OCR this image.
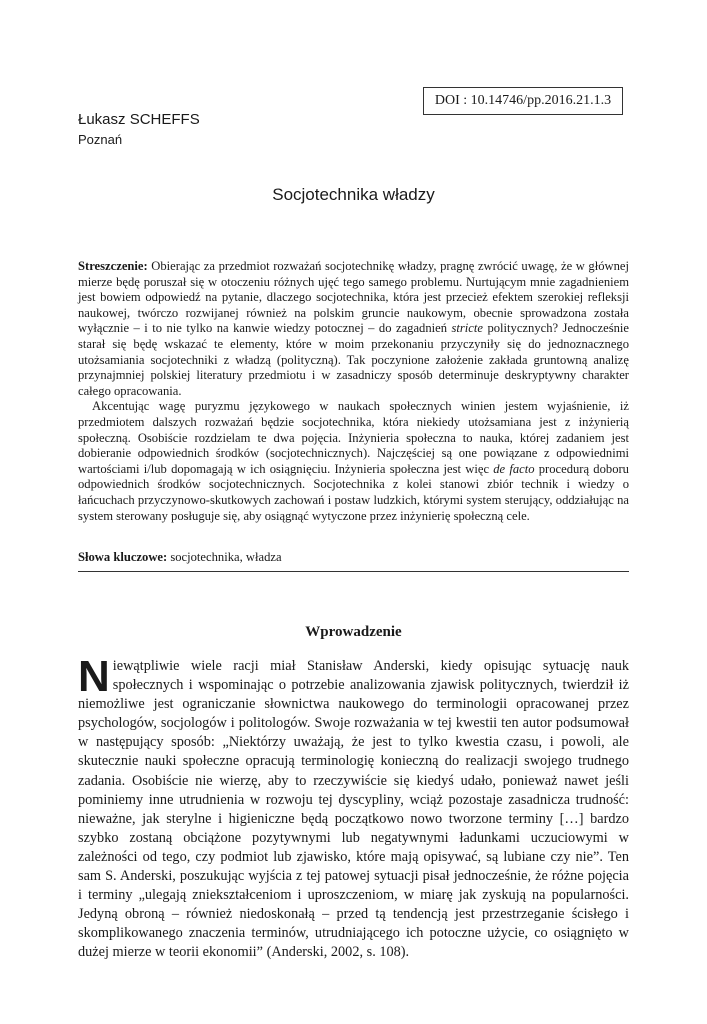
DOI : 10.14746/pp.2016.21.1.3
Łukasz SCHEFFS
Poznań
Socjotechnika władzy

Streszczenie: Obierając za przedmiot rozważań socjotechnikę władzy, pragnę zwrócić uwagę, że w głównej mierze będę poruszał się w otoczeniu różnych ujęć tego samego problemu. Nurtującym mnie zagadnieniem jest bowiem odpowiedź na pytanie, dlaczego socjotechnika, która jest przecież efektem szerokiej refleksji naukowej, twórczo rozwijanej również na polskim gruncie naukowym, obecnie sprowadzona została wyłącznie – i to nie tylko na kanwie wiedzy potocznej – do zagadnień stricte politycznych? Jednocześnie starał się będę wskazać te elementy, które w moim przekonaniu przyczyniły się do jednoznacznego utożsamiania socjotechniki z władzą (polityczną). Tak poczynione założenie zakłada gruntowną analizę przynajmniej polskiej literatury przedmiotu i w zasadniczy sposób determinuje deskryptywny charakter całego opracowania.

Akcentując wagę puryzmu językowego w naukach społecznych winien jestem wyjaśnienie, iż przedmiotem dalszych rozważań będzie socjotechnika, która niekiedy utożsamiana jest z inżynierią społeczną. Osobiście rozdzielam te dwa pojęcia. Inżynieria społeczna to nauka, której zadaniem jest dobieranie odpowiednich środków (socjotechnicznych). Najczęściej są one powiązane z odpowiednimi wartościami i/lub dopomagają w ich osiągnięciu. Inżynieria społeczna jest więc de facto procedurą doboru odpowiednich środków socjotechnicznych. Socjotechnika z kolei stanowi zbiór technik i wiedzy o łańcuchach przyczynowo-skutkowych zachowań i postaw ludzkich, którymi system sterujący, oddziałując na system sterowany posługuje się, aby osiągnąć wytyczone przez inżynierię społeczną cele.

Słowa kluczowe: socjotechnika, władza
Wprowadzenie

Niewątpliwie wiele racji miał Stanisław Anderski, kiedy opisując sytuację nauk społecznych i wspominając o potrzebie analizowania zjawisk politycznych, twierdził iż niemożliwe jest ograniczanie słownictwa naukowego do terminologii opracowanej przez psychologów, socjologów i politologów. Swoje rozważania w tej kwestii ten autor podsumował w następujący sposób: „Niektórzy uważają, że jest to tylko kwestia czasu, i powoli, ale skutecznie nauki społeczne opracują terminologię konieczną do realizacji swojego trudnego zadania. Osobiście nie wierzę, aby to rzeczywiście się kiedyś udało, ponieważ nawet jeśli pominiemy inne utrudnienia w rozwoju tej dyscypliny, wciąż pozostaje zasadnicza trudność: nieważne, jak sterylne i higieniczne będą początkowo nowo tworzone terminy […] bardzo szybko zostaną obciążone pozytywnymi lub negatywnymi ładunkami uczuciowymi w zależności od tego, czy podmiot lub zjawisko, które mają opisywać, są lubiane czy nie”. Ten sam S. Anderski, poszukując wyjścia z tej patowej sytuacji pisał jednocześnie, że różne pojęcia i terminy „ulegają zniekształceniom i uproszczeniom, w miarę jak zyskują na popularności. Jedyną obroną – również niedoskonałą – przed tą tendencją jest przestrzeganie ścisłego i skomplikowanego znaczenia terminów, utrudniającego ich potoczne użycie, co osiągnięto w dużej mierze w teorii ekonomii” (Anderski, 2002, s. 108).
